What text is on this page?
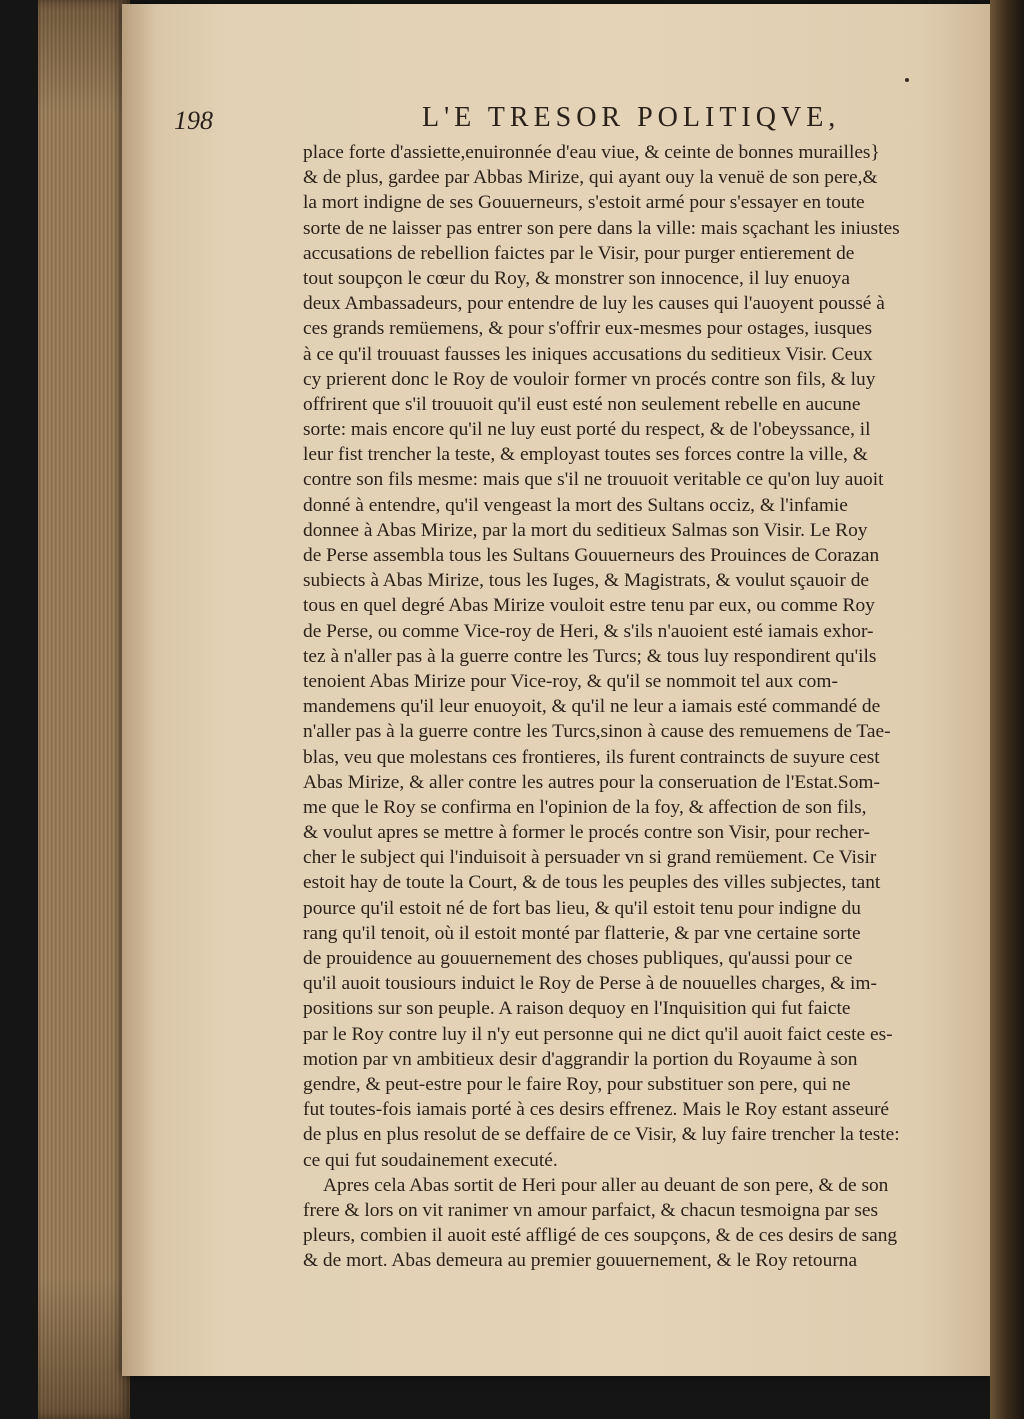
198	L'E TRESOR POLITIQVE,
place forte d'assiette,enuironnée d'eau viue, & ceinte de bonnes murailles}
& de plus, gardee par Abbas Mirize, qui ayant ouy la venuë de son pere,&
la mort indigne de ses Gouuerneurs, s'estoit armé pour s'essayer en toute
sorte de ne laisser pas entrer son pere dans la ville: mais sçachant les iniustes
accusations de rebellion faictes par le Visir, pour purger entierement de
tout soupçon le cœur du Roy, & monstrer son innocence, il luy enuoya
deux Ambassadeurs, pour entendre de luy les causes qui l'auoyent poussé à
ces grands remüemens, & pour s'offrir eux-mesmes pour ostages, iusques
à ce qu'il trouuast fausses les iniques accusations du seditieux Visir. Ceux
cy prierent donc le Roy de vouloir former vn procés contre son fils, & luy
offrirent que s'il trouuoit qu'il eust esté non seulement rebelle en aucune
sorte: mais encore qu'il ne luy eust porté du respect, & de l'obeyssance, il
leur fist trencher la teste, & employast toutes ses forces contre la ville, &
contre son fils mesme: mais que s'il ne trouuoit veritable ce qu'on luy auoit
donné à entendre, qu'il vengeast la mort des Sultans occiz, & l'infamie
donnee à Abas Mirize, par la mort du seditieux Salmas son Visir. Le Roy
de Perse assembla tous les Sultans Gouuerneurs des Prouinces de Corazan
subiects à Abas Mirize, tous les Iuges, & Magistrats, & voulut sçauoir de
tous en quel degré Abas Mirize vouloit estre tenu par eux, ou comme Roy
de Perse, ou comme Vice-roy de Heri, & s'ils n'auoient esté iamais exhor-
tez à n'aller pas à la guerre contre les Turcs; & tous luy respondirent qu'ils
tenoient Abas Mirize pour Vice-roy, & qu'il se nommoit tel aux com-
mandemens qu'il leur enuoyoit, & qu'il ne leur a iamais esté commandé de
n'aller pas à la guerre contre les Turcs,sinon à cause des remuemens de Tae-
blas, veu que molestans ces frontieres, ils furent contraincts de suyure cest
Abas Mirize, & aller contre les autres pour la conseruation de l'Estat.Som-
me que le Roy se confirma en l'opinion de la foy, & affection de son fils,
& voulut apres se mettre à former le procés contre son Visir, pour recher-
cher le subject qui l'induisoit à persuader vn si grand remüement. Ce Visir
estoit hay de toute la Court, & de tous les peuples des villes subjectes, tant
pource qu'il estoit né de fort bas lieu, & qu'il estoit tenu pour indigne du
rang qu'il tenoit, où il estoit monté par flatterie, & par vne certaine sorte
de prouidence au gouuernement des choses publiques, qu'aussi pour ce
qu'il auoit tousiours induict le Roy de Perse à de nouuelles charges, & im-
positions sur son peuple. A raison dequoy en l'Inquisition qui fut faicte
par le Roy contre luy il n'y eut personne qui ne dict qu'il auoit faict ceste es-
motion par vn ambitieux desir d'aggrandir la portion du Royaume à son
gendre, & peut-estre pour le faire Roy, pour substituer son pere, qui ne
fut toutes-fois iamais porté à ces desirs effrenez. Mais le Roy estant asseuré
de plus en plus resolut de se deffaire de ce Visir, & luy faire trencher la teste:
ce qui fut soudainement executé.
Apres cela Abas sortit de Heri pour aller au deuant de son pere, & de son
frere & lors on vit ranimer vn amour parfaict, & chacun tesmoigna par ses
pleurs, combien il auoit esté affligé de ces soupçons, & de ces desirs de sang
& de mort. Abas demeura au premier gouuernement, & le Roy retourna
